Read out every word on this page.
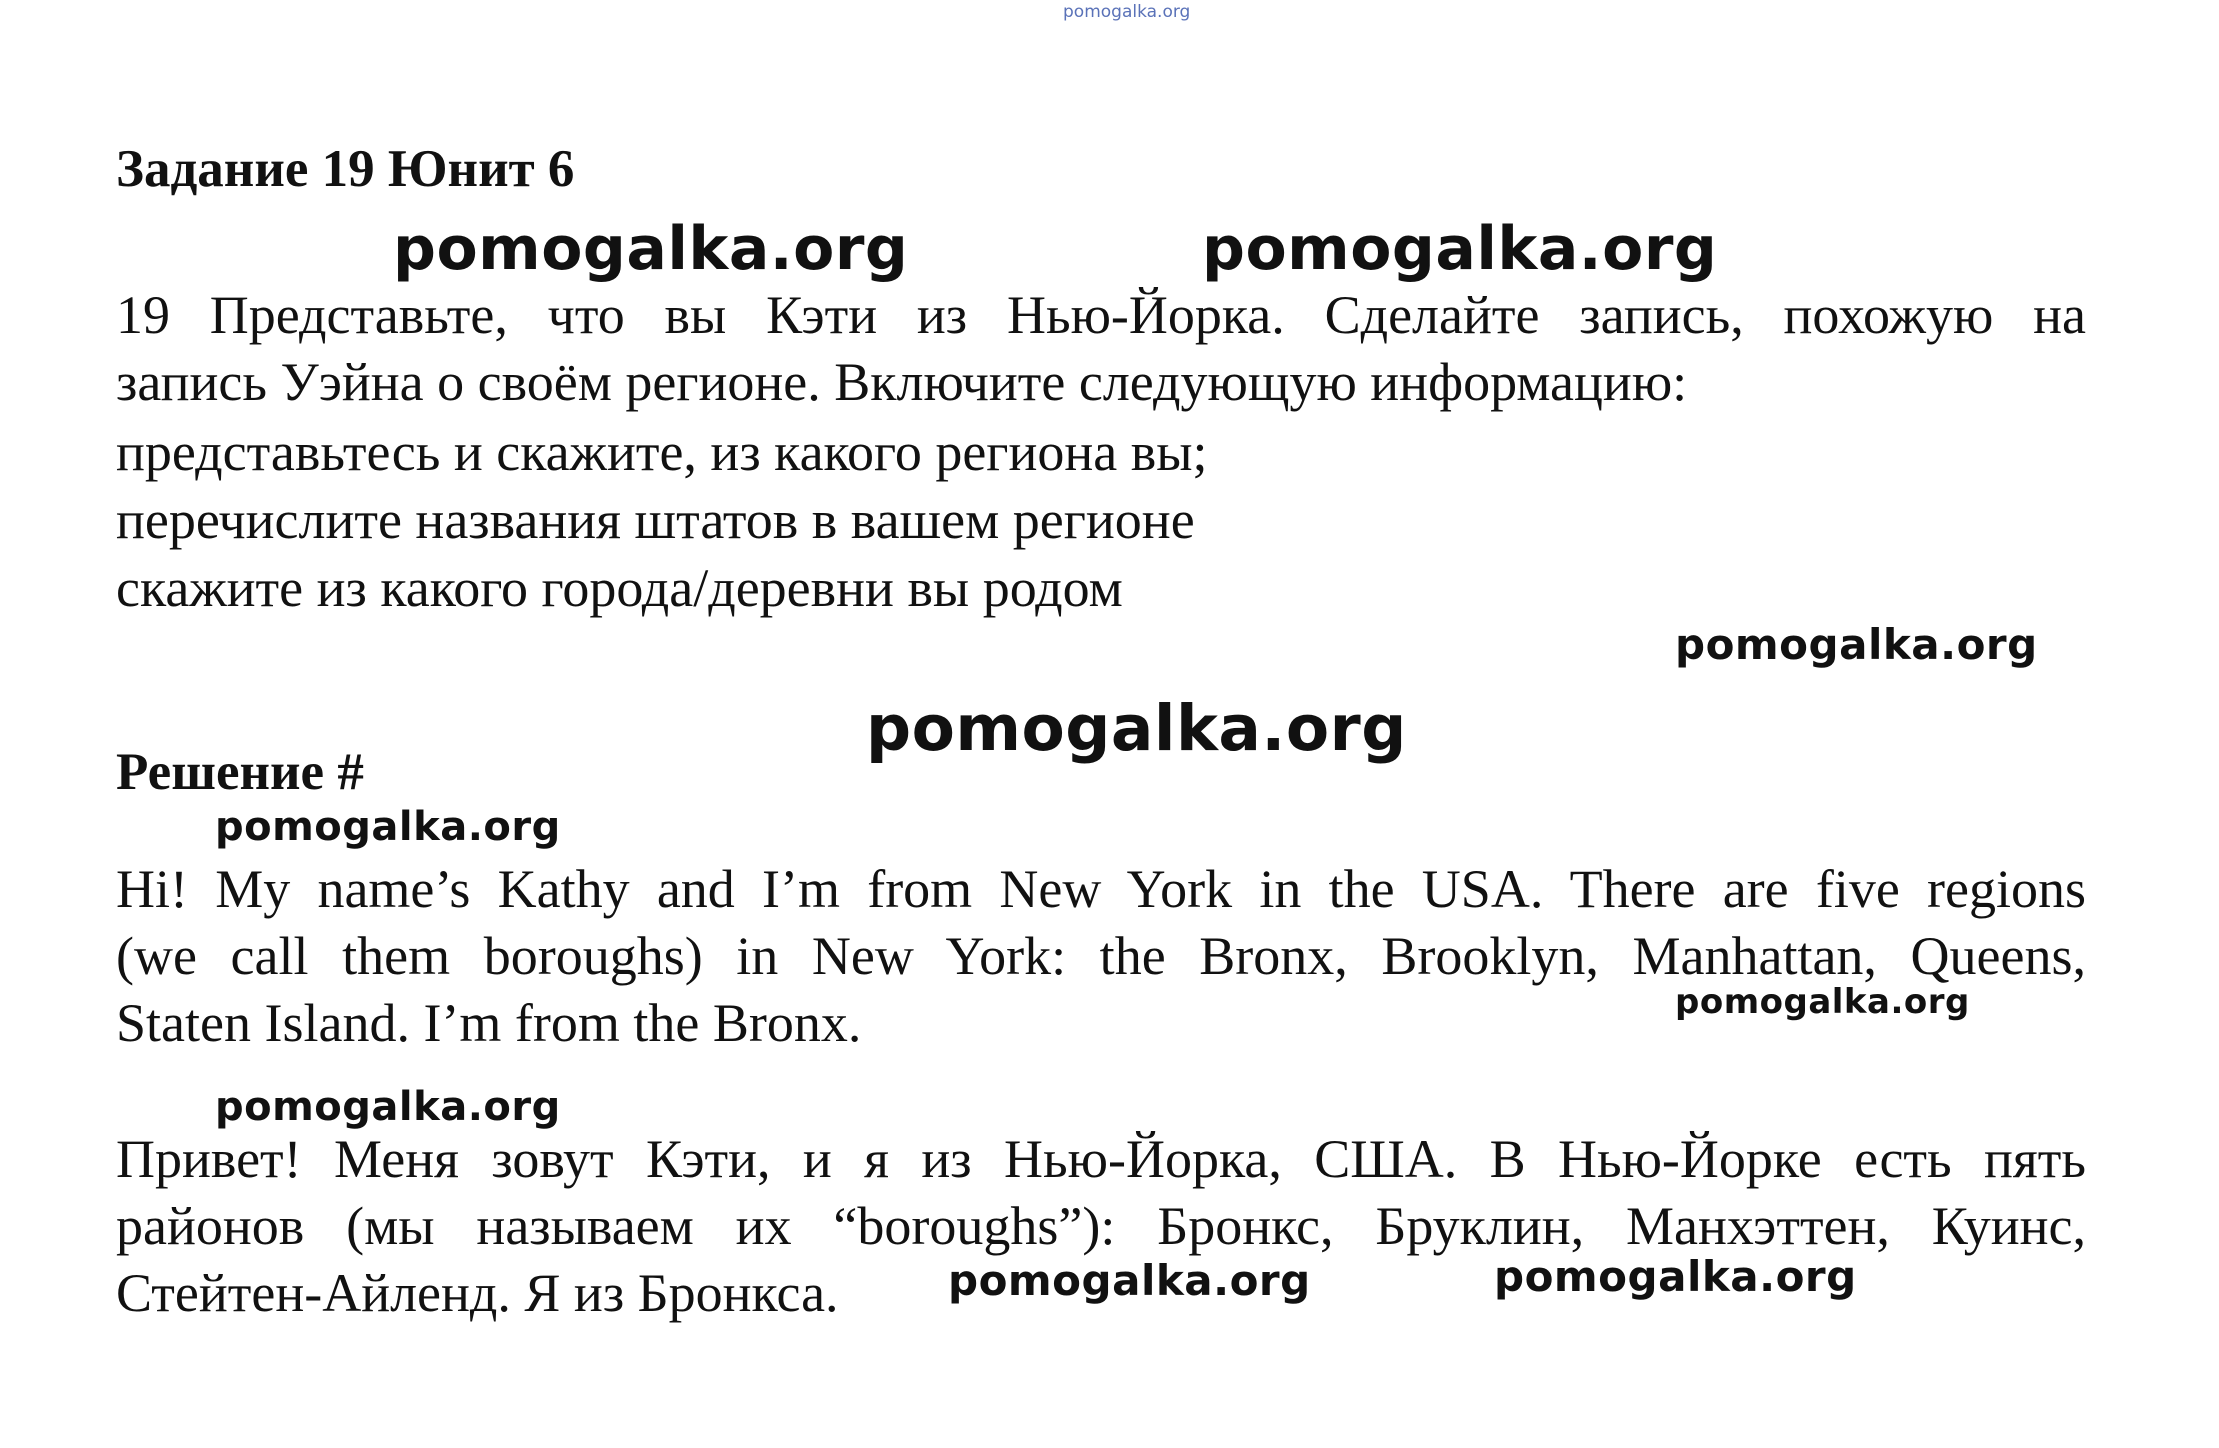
pomogalka.org
Задание 19 Юнит 6
pomogalka.org	pomogalka.org
19 Представьте, что вы Кэти из Нью-Йорка. Сделайте запись, похожую на
запись Уэйна о своём регионе. Включите следующую информацию:
представьтесь и скажите, из какого региона вы;
перечислите названия штатов в вашем регионе
скажите из какого города/деревни вы родом
pomogalka.org
pomogalka.org
Решение #
pomogalka.org
Hi! My name’s Kathy and I’m from New York in the USA. There are five regions
(we call them boroughs) in New York: the Bronx, Brooklyn, Manhattan, Queens,
Staten Island. I’m from the Bronx.	pomogalka.org
pomogalka.org
Привет! Меня зовут Кэти, и я из Нью-Йорка, США. В Нью-Йорке есть пять
районов (мы называем их “boroughs”): Бронкс, Бруклин, Манхэттен, Куинс,
Стейтен-Айленд. Я из Бронкса.	pomogalka.org	pomogalka.org
